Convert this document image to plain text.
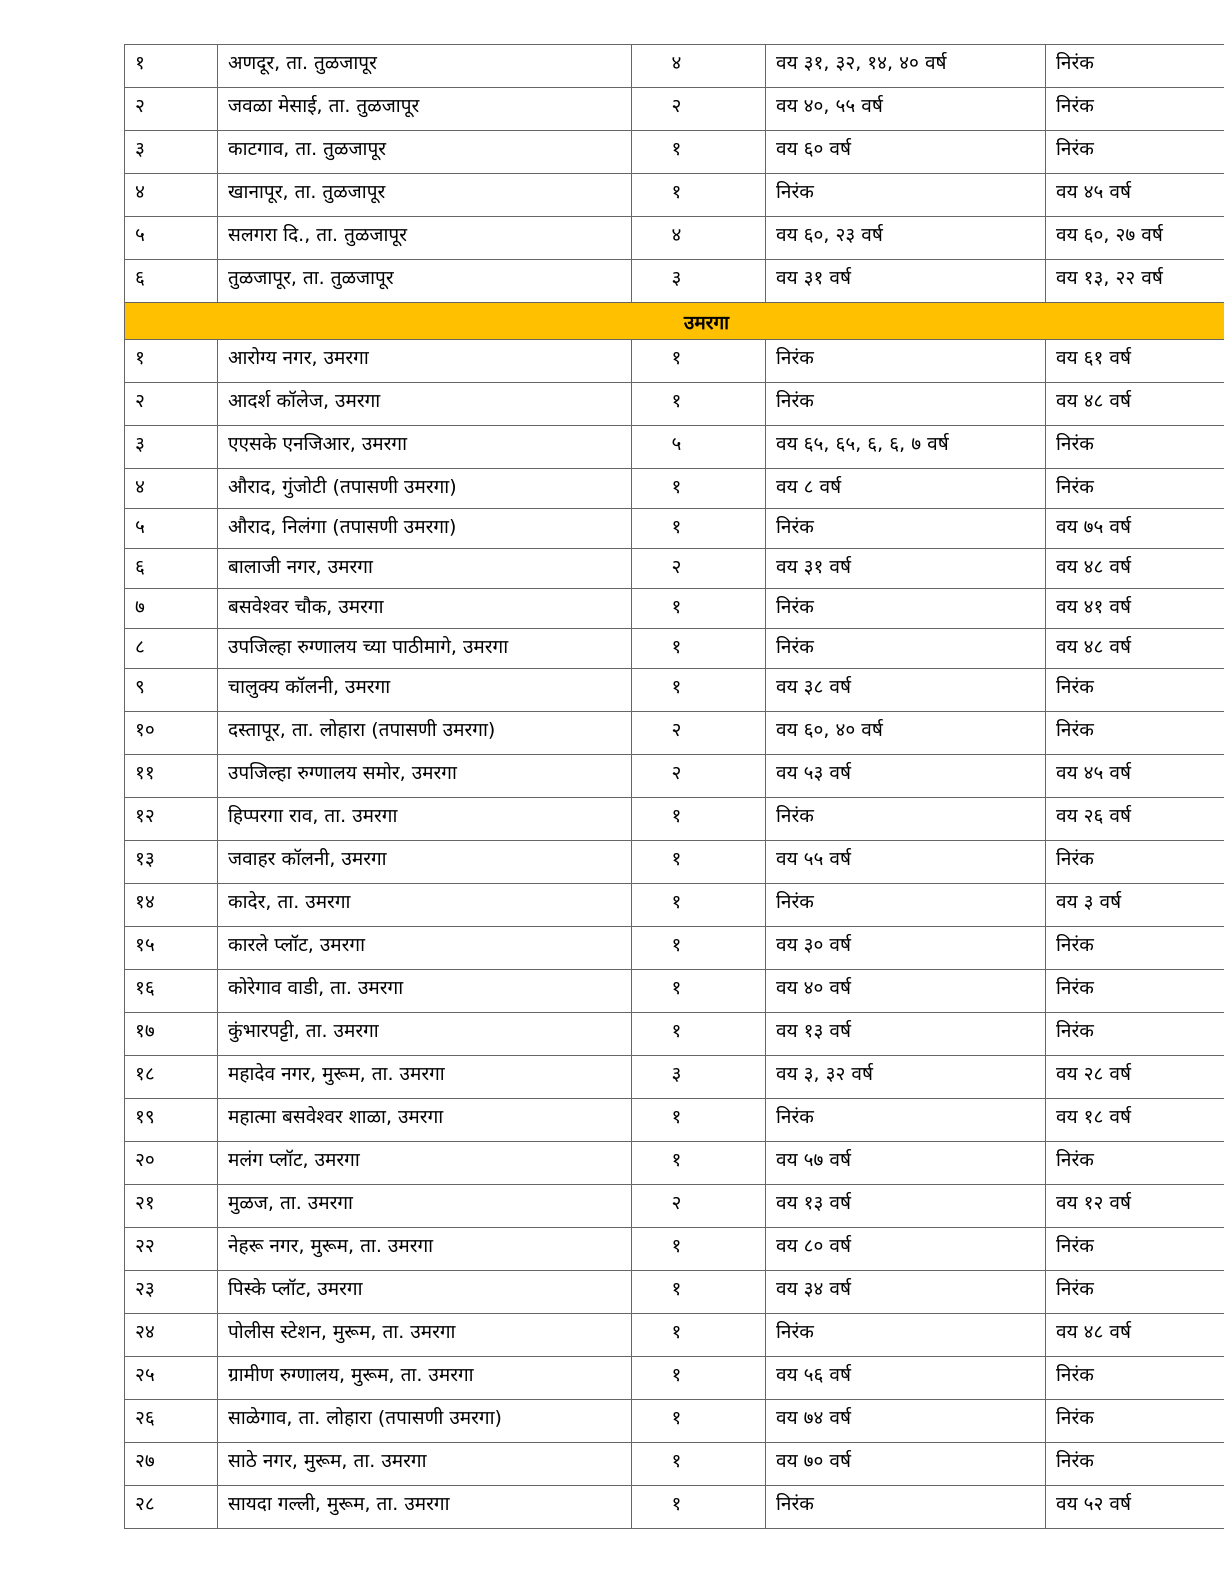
१	अणदूर, ता. तुळजापूर	४	वय ३१, ३२, १४, ४० वर्ष	निरंक
२	जवळा मेसाई, ता. तुळजापूर	२	वय ४०, ५५ वर्ष	निरंक
३	काटगाव, ता. तुळजापूर	१	वय ६० वर्ष	निरंक
४	खानापूर, ता. तुळजापूर	१	निरंक	वय ४५ वर्ष
५	सलगरा दि., ता. तुळजापूर	४	वय ६०, २३ वर्ष	वय ६०, २७ वर्ष
६	तुळजापूर, ता. तुळजापूर	३	वय ३१ वर्ष	वय १३, २२ वर्ष
उमरगा				
१	आरोग्य नगर, उमरगा	१	निरंक	वय ६१ वर्ष
२	आदर्श कॉलेज, उमरगा	१	निरंक	वय ४८ वर्ष
३	एएसके एनजिआर, उमरगा	५	वय ६५, ६५, ६, ६, ७ वर्ष	निरंक
४	औराद, गुंजोटी (तपासणी उमरगा)	१	वय ८ वर्ष	निरंक
५	औराद, निलंगा (तपासणी उमरगा)	१	निरंक	वय ७५ वर्ष
६	बालाजी नगर, उमरगा	२	वय ३१ वर्ष	वय ४८ वर्ष
७	बसवेश्वर चौक, उमरगा	१	निरंक	वय ४१ वर्ष
८	उपजिल्हा रुग्णालय च्या पाठीमागे, उमरगा	१	निरंक	वय ४८ वर्ष
९	चालुक्य कॉलनी, उमरगा	१	वय ३८ वर्ष	निरंक
१०	दस्तापूर, ता. लोहारा (तपासणी उमरगा)	२	वय ६०, ४० वर्ष	निरंक
११	उपजिल्हा रुग्णालय समोर, उमरगा	२	वय ५३ वर्ष	वय ४५ वर्ष
१२	हिप्परगा राव, ता. उमरगा	१	निरंक	वय २६ वर्ष
१३	जवाहर कॉलनी, उमरगा	१	वय ५५ वर्ष	निरंक
१४	कादेर, ता. उमरगा	१	निरंक	वय ३ वर्ष
१५	कारले प्लॉट, उमरगा	१	वय ३० वर्ष	निरंक
१६	कोरेगाव वाडी, ता. उमरगा	१	वय ४० वर्ष	निरंक
१७	कुंभारपट्टी, ता. उमरगा	१	वय १३ वर्ष	निरंक
१८	महादेव नगर, मुरूम, ता. उमरगा	३	वय ३, ३२ वर्ष	वय २८ वर्ष
१९	महात्मा बसवेश्वर शाळा, उमरगा	१	निरंक	वय १८ वर्ष
२०	मलंग प्लॉट, उमरगा	१	वय ५७ वर्ष	निरंक
२१	मुळज, ता. उमरगा	२	वय १३ वर्ष	वय १२ वर्ष
२२	नेहरू नगर, मुरूम, ता. उमरगा	१	वय ८० वर्ष	निरंक
२३	पिस्के प्लॉट, उमरगा	१	वय ३४ वर्ष	निरंक
२४	पोलीस स्टेशन, मुरूम, ता. उमरगा	१	निरंक	वय ४८ वर्ष
२५	ग्रामीण रुग्णालय, मुरूम, ता. उमरगा	१	वय ५६ वर्ष	निरंक
२६	साळेगाव, ता. लोहारा (तपासणी उमरगा)	१	वय ७४ वर्ष	निरंक
२७	साठे नगर, मुरूम, ता. उमरगा	१	वय ७० वर्ष	निरंक
२८	सायदा गल्ली, मुरूम, ता. उमरगा	१	निरंक	वय ५२ वर्ष
